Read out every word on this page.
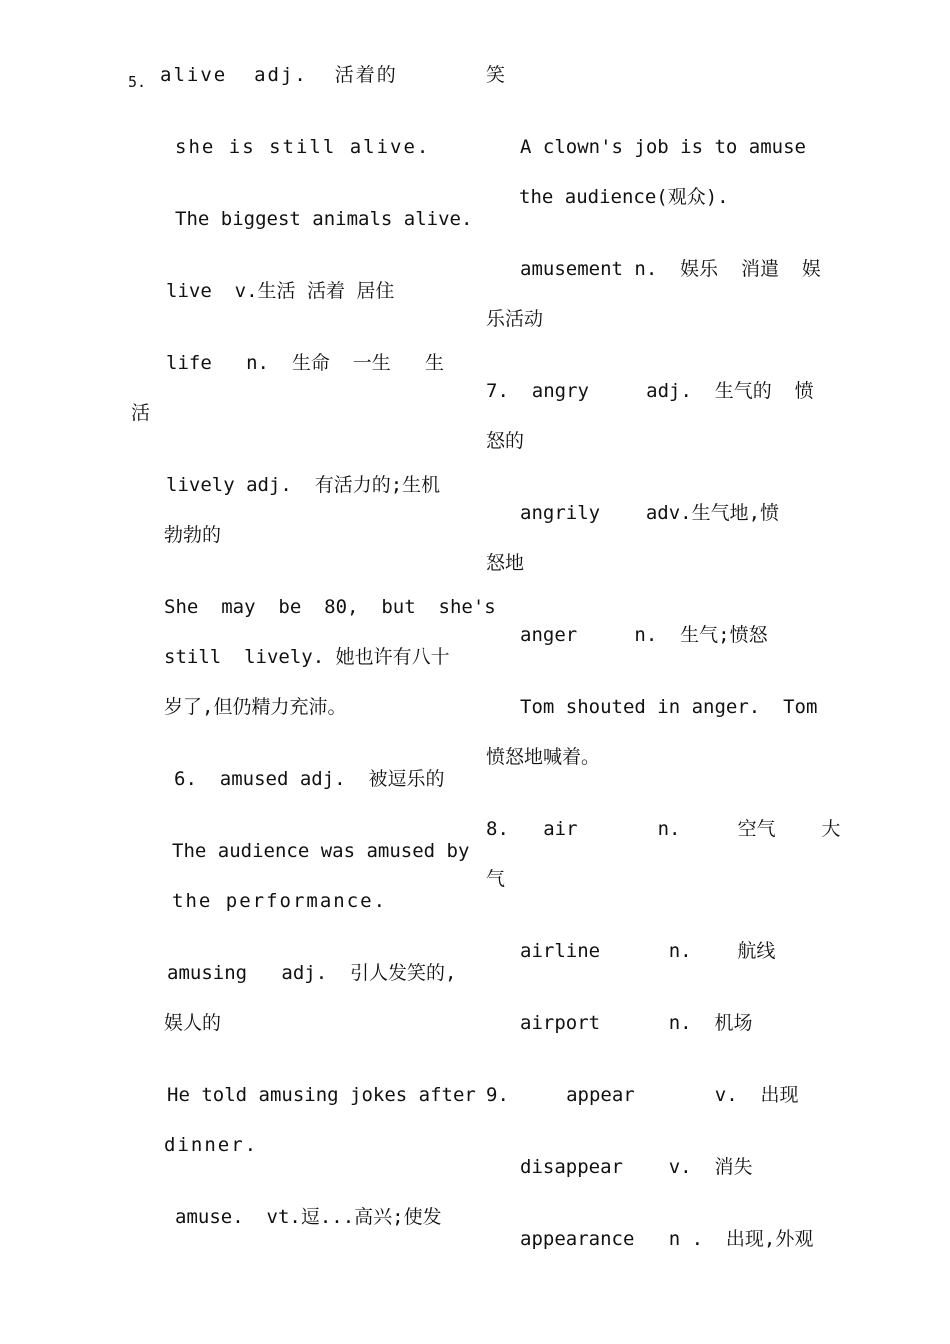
5. alive  adj.  活着的
she is still alive.
The biggest animals alive.
live  v.生活 活着 居住
life   n.  生命  一生   生
活
lively adj.  有活力的;生机
勃勃的
She  may  be  80,  but  she's
still  lively. 她也许有八十
岁了,但仍精力充沛。
6.  amused adj.  被逗乐的
The audience was amused by
the performance.
amusing   adj.  引人发笑的,
娱人的
He told amusing jokes after
dinner.
amuse.  vt.逗...高兴;使发
笑
A clown's job is to amuse
the audience(观众).
amusement n.  娱乐  消遣  娱
乐活动
7.  angry     adj.  生气的  愤
怒的
angrily    adv.生气地,愤
怒地
anger     n.  生气;愤怒
Tom shouted in anger.  Tom
愤怒地喊着。
8.   air       n.     空气    大
气
airline      n.    航线
airport      n.  机场
9.     appear       v.  出现
disappear    v.  消失
appearance   n .  出现,外观
